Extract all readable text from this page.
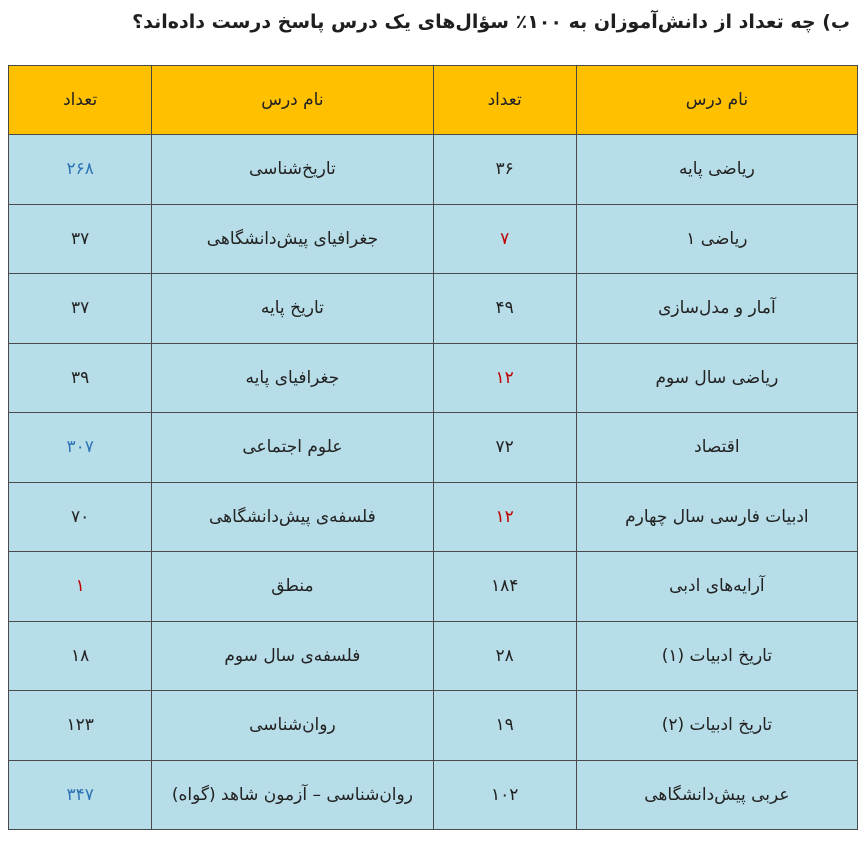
ب) چه تعداد از دانش‌آموزان به ۱۰۰٪ سؤال‌های یک درس پاسخ درست داده‌اند؟
نام درس	تعداد	نام درس	تعداد
ریاضی پایه	۳۶	تاریخ‌شناسی	۲۶۸
ریاضی ۱	۷	جغرافیای پیش‌دانشگاهی	۳۷
آمار و مدل‌سازی	۴۹	تاریخ پایه	۳۷
ریاضی سال سوم	۱۲	جغرافیای پایه	۳۹
اقتصاد	۷۲	علوم اجتماعی	۳۰۷
ادبیات فارسی سال چهارم	۱۲	فلسفه‌ی پیش‌دانشگاهی	۷۰
آرایه‌های ادبی	۱۸۴	منطق	۱
تاریخ ادبیات (۱)	۲۸	فلسفه‌ی سال سوم	۱۸
تاریخ ادبیات (۲)	۱۹	روان‌شناسی	۱۲۳
عربی پیش‌دانشگاهی	۱۰۲	روان‌شناسی – آزمون شاهد (گواه)	۳۴۷
